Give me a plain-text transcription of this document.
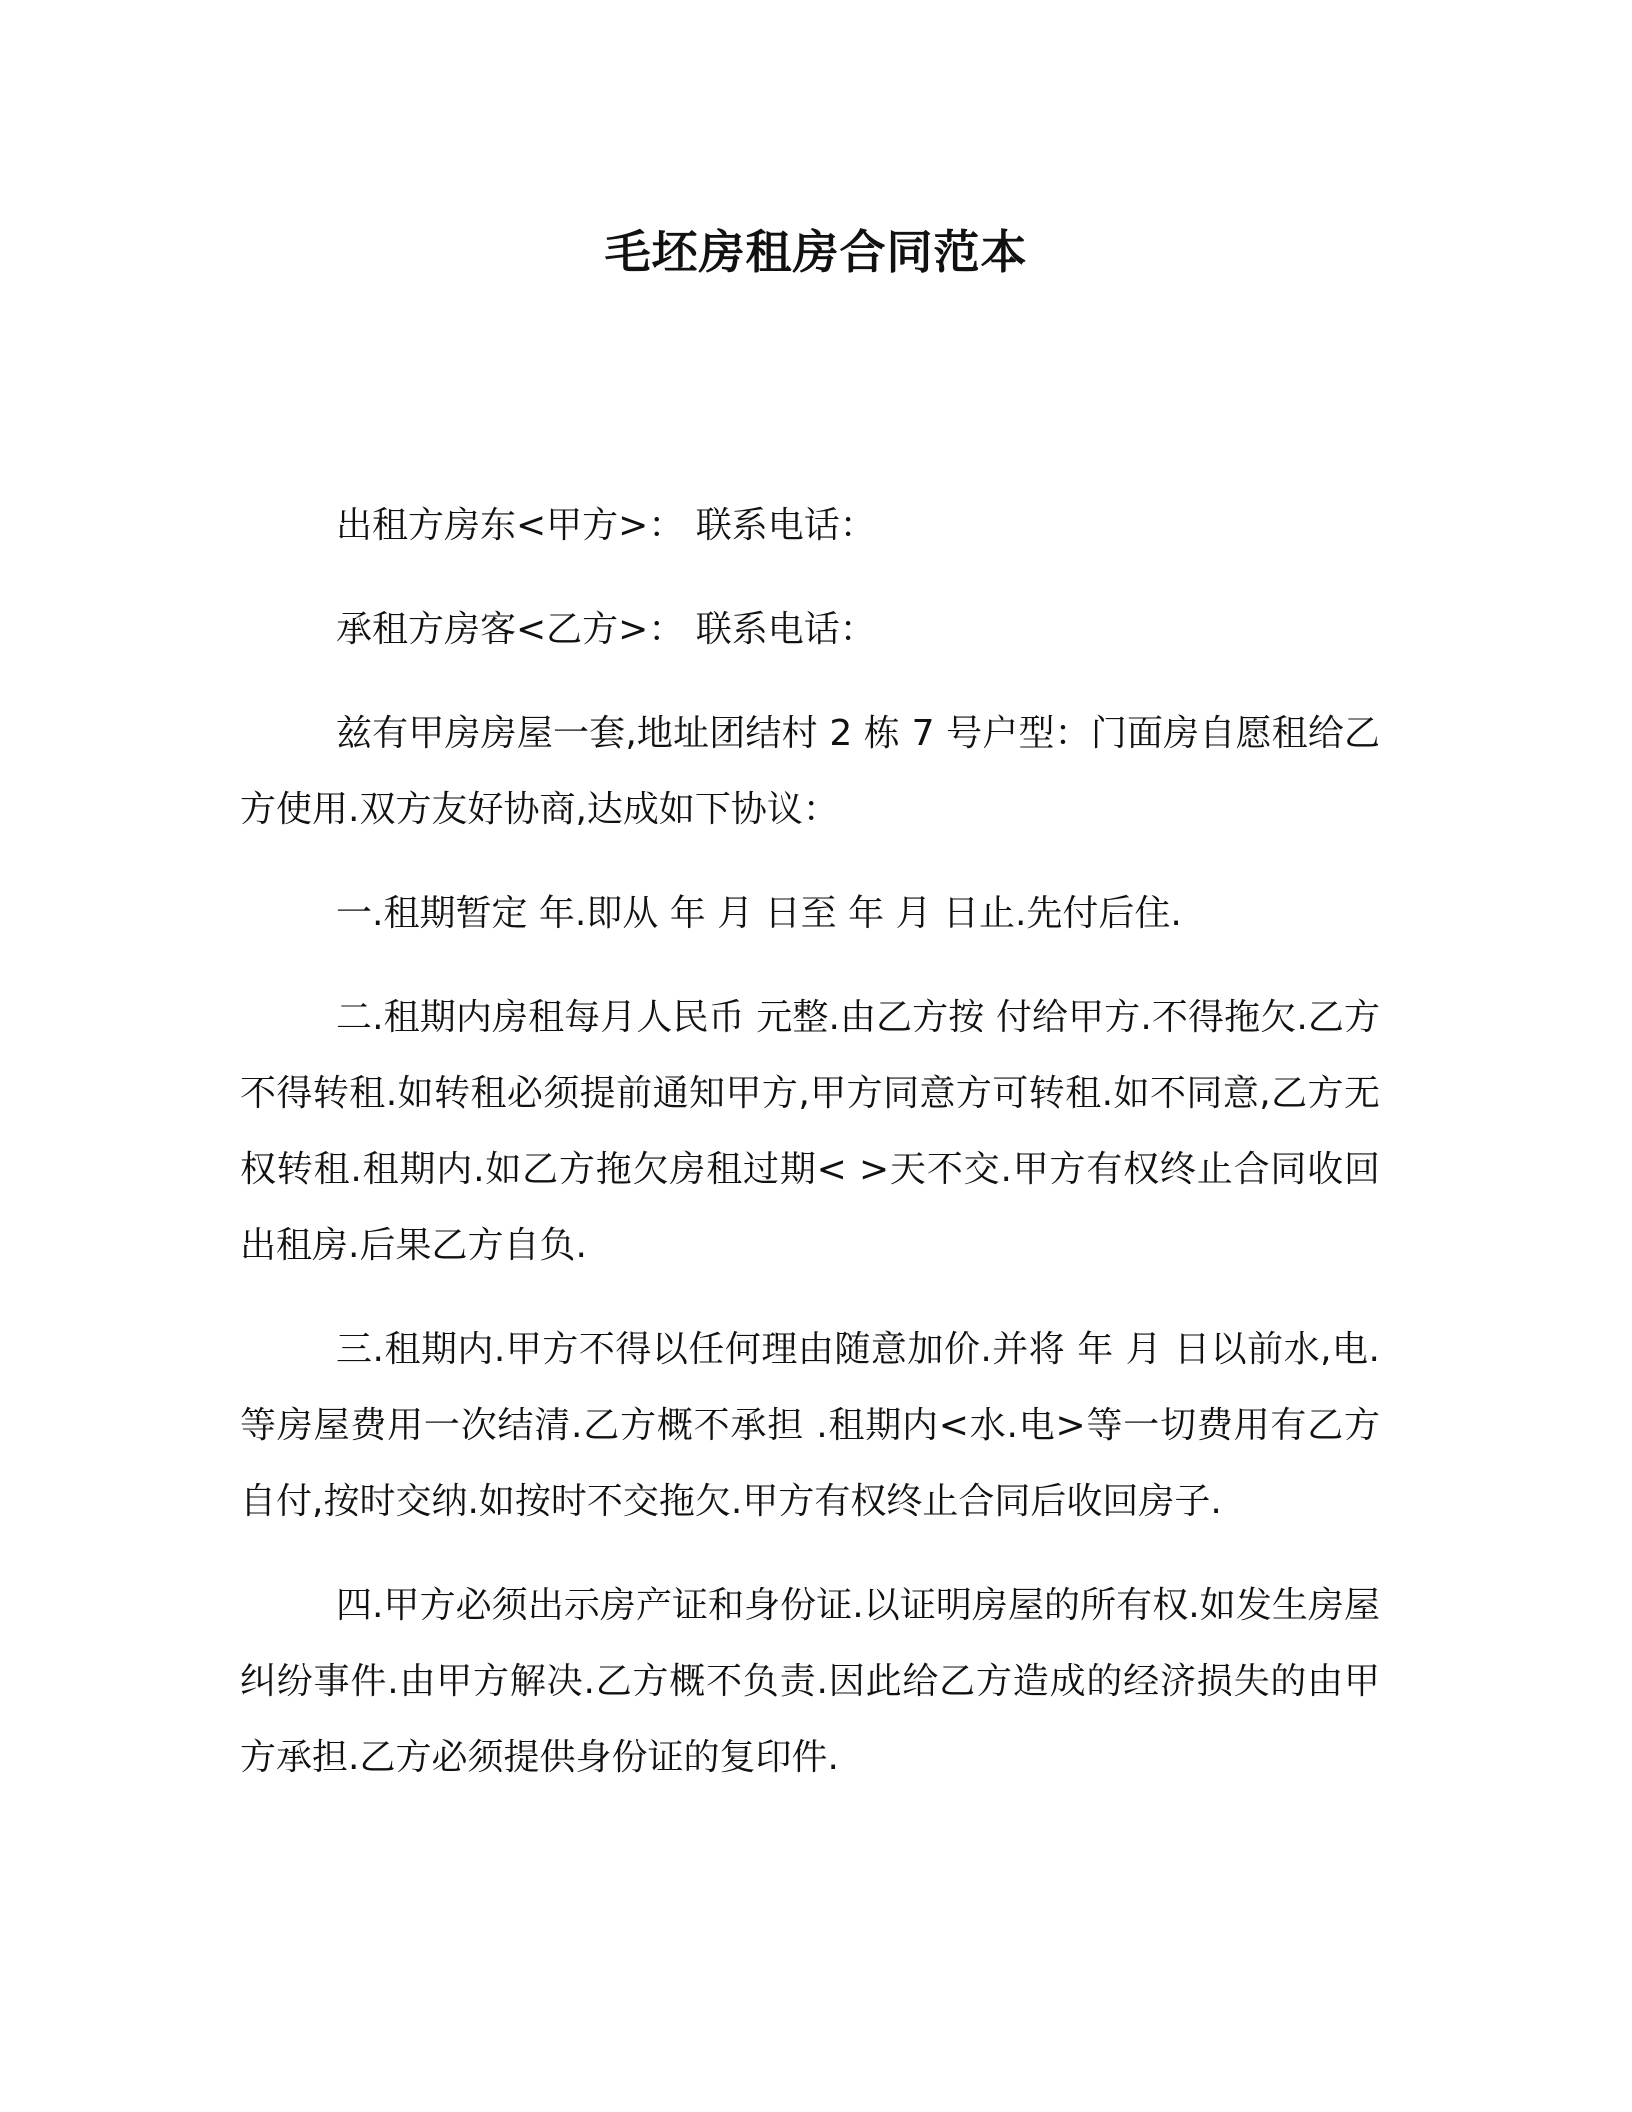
毛坯房租房合同范本

出租方房东<甲方>： 联系电话：

承租方房客<乙方>： 联系电话：

兹有甲房房屋一套,地址团结村 2 栋 7 号户型：门面房自愿租给乙方使用.双方友好协商,达成如下协议：

一.租期暂定 年.即从 年 月 日至 年 月 日止.先付后住.

二.租期内房租每月人民币 元整.由乙方按 付给甲方.不得拖欠.乙方不得转租.如转租必须提前通知甲方,甲方同意方可转租.如不同意,乙方无权转租.租期内.如乙方拖欠房租过期< >天不交.甲方有权终止合同收回出租房.后果乙方自负.

三.租期内.甲方不得以任何理由随意加价.并将 年 月 日以前水,电.等房屋费用一次结清.乙方概不承担 .租期内<水.电>等一切费用有乙方自付,按时交纳.如按时不交拖欠.甲方有权终止合同后收回房子.

四.甲方必须出示房产证和身份证.以证明房屋的所有权.如发生房屋纠纷事件.由甲方解决.乙方概不负责.因此给乙方造成的经济损失的由甲方承担.乙方必须提供身份证的复印件.
